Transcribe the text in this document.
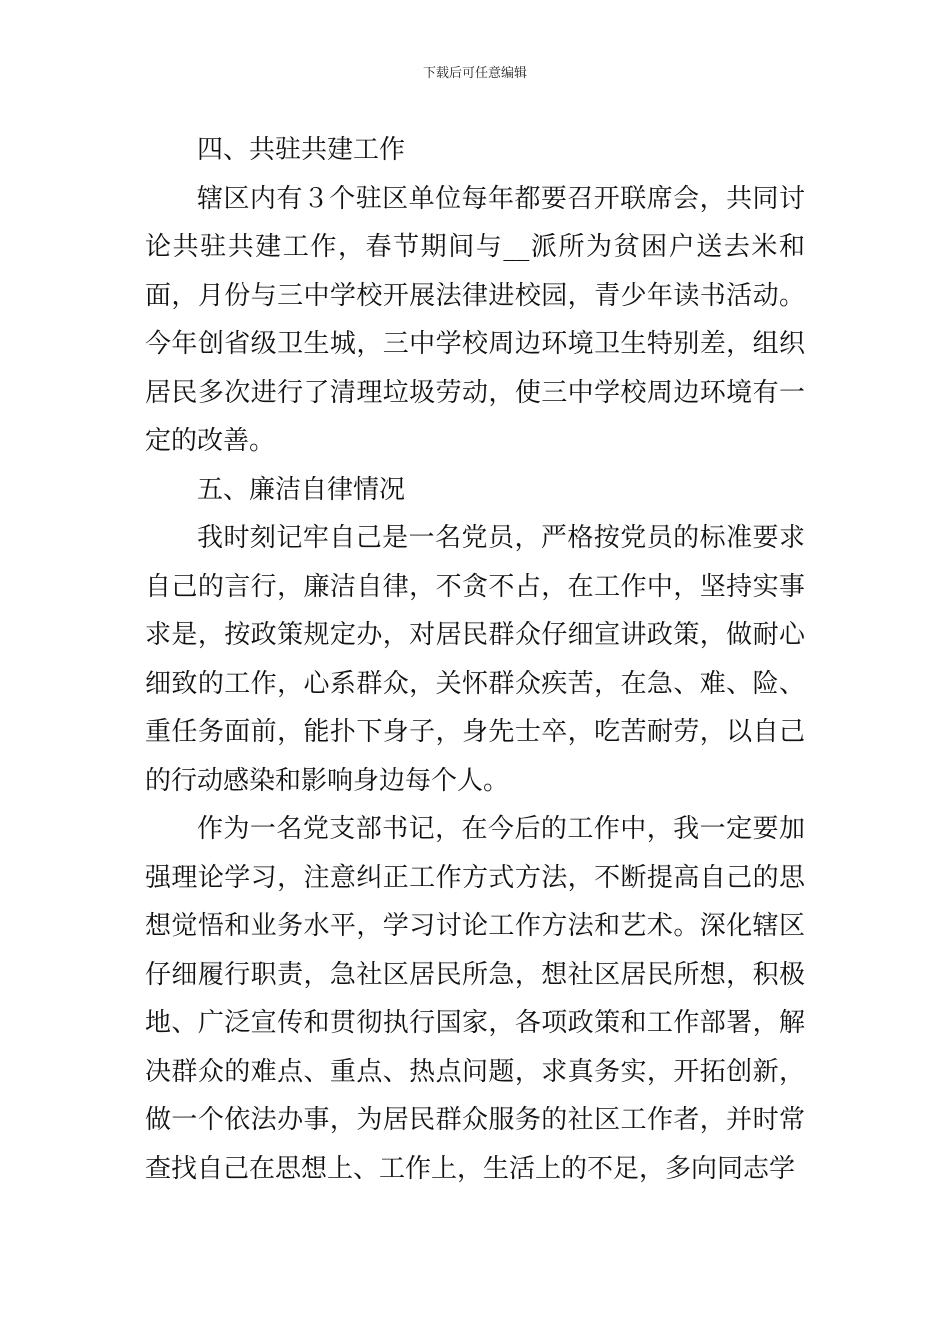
下载后可任意编辑

四、共驻共建工作

辖区内有３个驻区单位每年都要召开联席会，共同讨论共驻共建工作，春节期间与__派所为贫困户送去米和面，月份与三中学校开展法律进校园，青少年读书活动。今年创省级卫生城，三中学校周边环境卫生特别差，组织居民多次进行了清理垃圾劳动，使三中学校周边环境有一定的改善。

五、廉洁自律情况

我时刻记牢自己是一名党员，严格按党员的标准要求自己的言行，廉洁自律，不贪不占，在工作中，坚持实事求是，按政策规定办，对居民群众仔细宣讲政策，做耐心细致的工作，心系群众，关怀群众疾苦，在急、难、险、重任务面前，能扑下身子，身先士卒，吃苦耐劳，以自己的行动感染和影响身边每个人。

作为一名党支部书记，在今后的工作中，我一定要加强理论学习，注意纠正工作方式方法，不断提高自己的思想觉悟和业务水平，学习讨论工作方法和艺术。深化辖区仔细履行职责，急社区居民所急，想社区居民所想，积极地、广泛宣传和贯彻执行国家，各项政策和工作部署，解决群众的难点、重点、热点问题，求真务实，开拓创新，做一个依法办事，为居民群众服务的社区工作者，并时常查找自己在思想上、工作上，生活上的不足，多向同志学
